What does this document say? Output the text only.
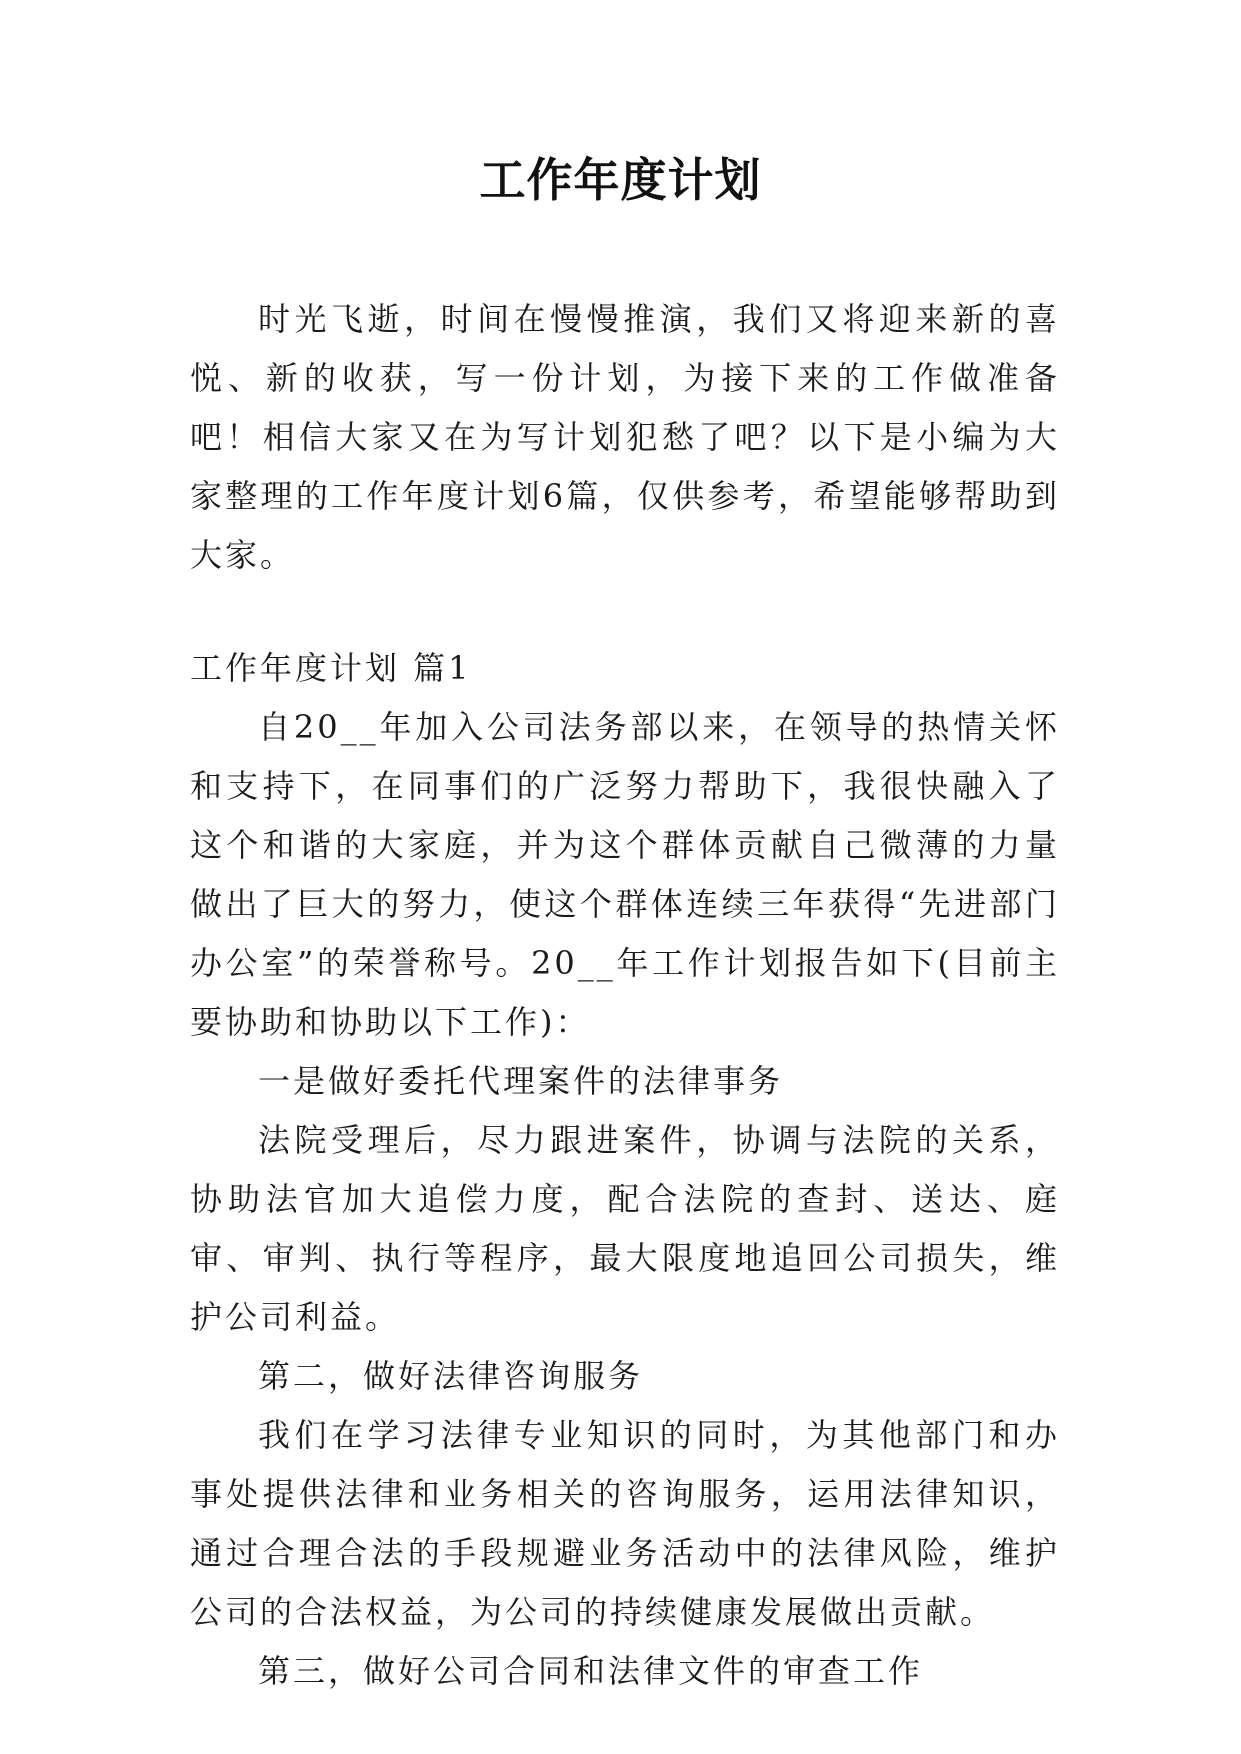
工作年度计划

时光飞逝，时间在慢慢推演，我们又将迎来新的喜悦、新的收获，写一份计划，为接下来的工作做准备吧！相信大家又在为写计划犯愁了吧？以下是小编为大家整理的工作年度计划6篇，仅供参考，希望能够帮助到大家。

工作年度计划 篇1

自20__年加入公司法务部以来，在领导的热情关怀和支持下，在同事们的广泛努力帮助下，我很快融入了这个和谐的大家庭，并为这个群体贡献自己微薄的力量做出了巨大的努力，使这个群体连续三年获得“先进部门办公室”的荣誉称号。20__年工作计划报告如下(目前主要协助和协助以下工作)：

一是做好委托代理案件的法律事务

法院受理后，尽力跟进案件，协调与法院的关系，协助法官加大追偿力度，配合法院的查封、送达、庭审、审判、执行等程序，最大限度地追回公司损失，维护公司利益。

第二，做好法律咨询服务

我们在学习法律专业知识的同时，为其他部门和办事处提供法律和业务相关的咨询服务，运用法律知识，通过合理合法的手段规避业务活动中的法律风险，维护公司的合法权益，为公司的持续健康发展做出贡献。

第三，做好公司合同和法律文件的审查工作
